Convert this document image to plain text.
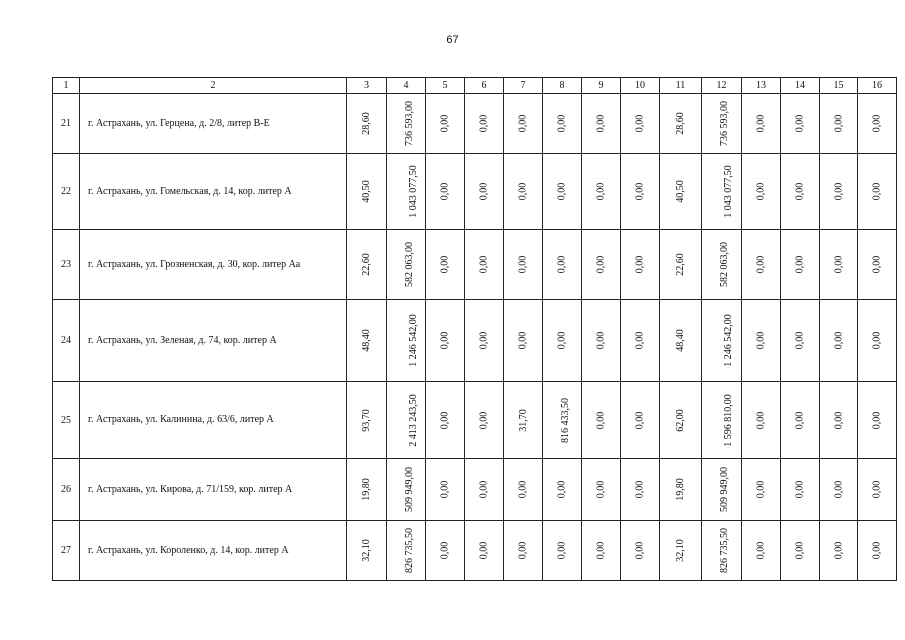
67
1	2	3	4	5	6	7	8	9	10	11	12	13	14	15	16
21	г. Астрахань, ул. Герцена, д. 2/8, литер В-Е	28,60	736 593,00	0,00	0,00	0,00	0,00	0,00	0,00	28,60	736 593,00	0,00	0,00	0,00	0,00
22	г. Астрахань, ул. Гомельская, д. 14, кор. литер А	40,50	1 043 077,50	0,00	0,00	0,00	0,00	0,00	0,00	40,50	1 043 077,50	0,00	0,00	0,00	0,00
23	г. Астрахань, ул. Грозненская, д. 30, кор. литер Аа	22,60	582 063,00	0,00	0,00	0,00	0,00	0,00	0,00	22,60	582 063,00	0,00	0,00	0,00	0,00
24	г. Астрахань, ул. Зеленая, д. 74, кор. литер А	48,40	1 246 542,00	0,00	0,00	0,00	0,00	0,00	0,00	48,40	1 246 542,00	0,00	0,00	0,00	0,00
25	г. Астрахань, ул. Калинина, д. 63/6, литер А	93,70	2 413 243,50	0,00	0,00	31,70	816 433,50	0,00	0,00	62,00	1 596 810,00	0,00	0,00	0,00	0,00
26	г. Астрахань, ул. Кирова, д. 71/159, кор. литер А	19,80	509 949,00	0,00	0,00	0,00	0,00	0,00	0,00	19,80	509 949,00	0,00	0,00	0,00	0,00
27	г. Астрахань, ул. Короленко, д. 14, кор. литер А	32,10	826 735,50	0,00	0,00	0,00	0,00	0,00	0,00	32,10	826 735,50	0,00	0,00	0,00	0,00
